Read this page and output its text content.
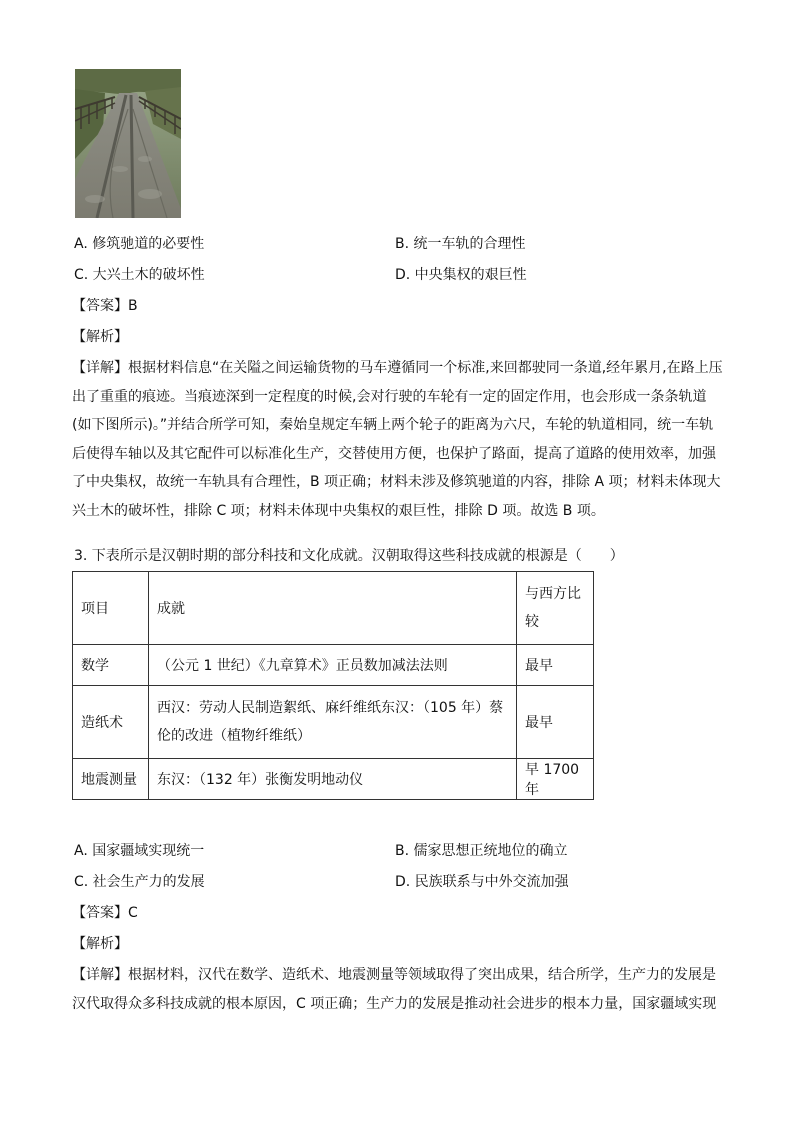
A. 修筑驰道的必要性	B. 统一车轨的合理性
C. 大兴土木的破坏性	D. 中央集权的艰巨性
【答案】B
【解析】
【详解】根据材料信息“在关隘之间运输货物的马车遵循同一个标准,来回都驶同一条道,经年累月,在路上压
出了重重的痕迹。当痕迹深到一定程度的时候,会对行驶的车轮有一定的固定作用，也会形成一条条轨道
(如下图所示)。”并结合所学可知，秦始皇规定车辆上两个轮子的距离为六尺，车轮的轨道相同，统一车轨
后使得车轴以及其它配件可以标准化生产，交替使用方便，也保护了路面，提高了道路的使用效率，加强
了中央集权，故统一车轨具有合理性，B 项正确；材料未涉及修筑驰道的内容，排除 A 项；材料未体现大
兴土木的破坏性，排除 C 项；材料未体现中央集权的艰巨性，排除 D 项。故选 B 项。
3. 下表所示是汉朝时期的部分科技和文化成就。汉朝取得这些科技成就的根源是（　　）
项目	成就	与西方比
较

数学	（公元 1 世纪）《九章算术》正员数加减法法则	最早
造纸术	西汉：劳动人民制造絮纸、麻纤维纸东汉：（105 年）蔡
伦的改进（植物纤维纸）	最早
地震测量	东汉：（132 年）张衡发明地动仪	早 1700 年
A. 国家疆域实现统一	B. 儒家思想正统地位的确立
C. 社会生产力的发展	D. 民族联系与中外交流加强
【答案】C
【解析】
【详解】根据材料，汉代在数学、造纸术、地震测量等领域取得了突出成果，结合所学，生产力的发展是
汉代取得众多科技成就的根本原因，C 项正确；生产力的发展是推动社会进步的根本力量，国家疆域实现
